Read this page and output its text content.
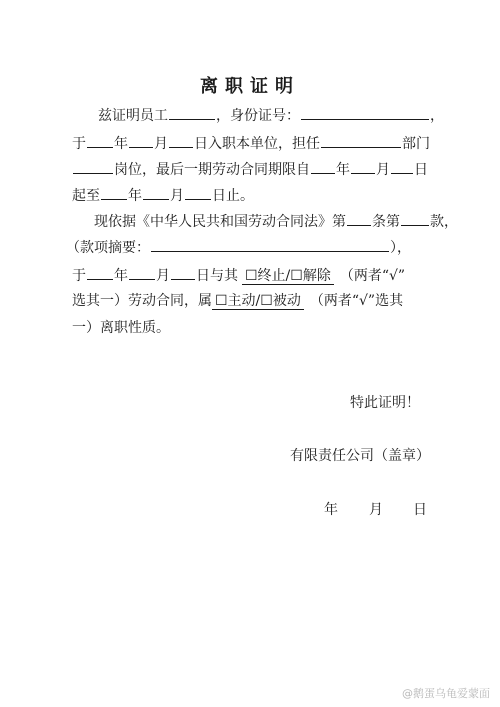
离职证明
兹证明员工	，身份证号：	，
于 年 月 日入职本单位，担任	部门
岗位，最后一期劳动合同期限自 年 月 日
起至 年 月 日止。
现依据《中华人民共和国劳动合同法》第 条第 款，
（款项摘要：	），
于 年 月 日与其 ☐终止/☐解除 （两者“√”
选其一）劳动合同，属 ☐主动/☐被动 （两者“√”选其
一）离职性质。
特此证明！
有限责任公司（盖章）
年 月 日
@鹅蛋乌龟爱蒙面
